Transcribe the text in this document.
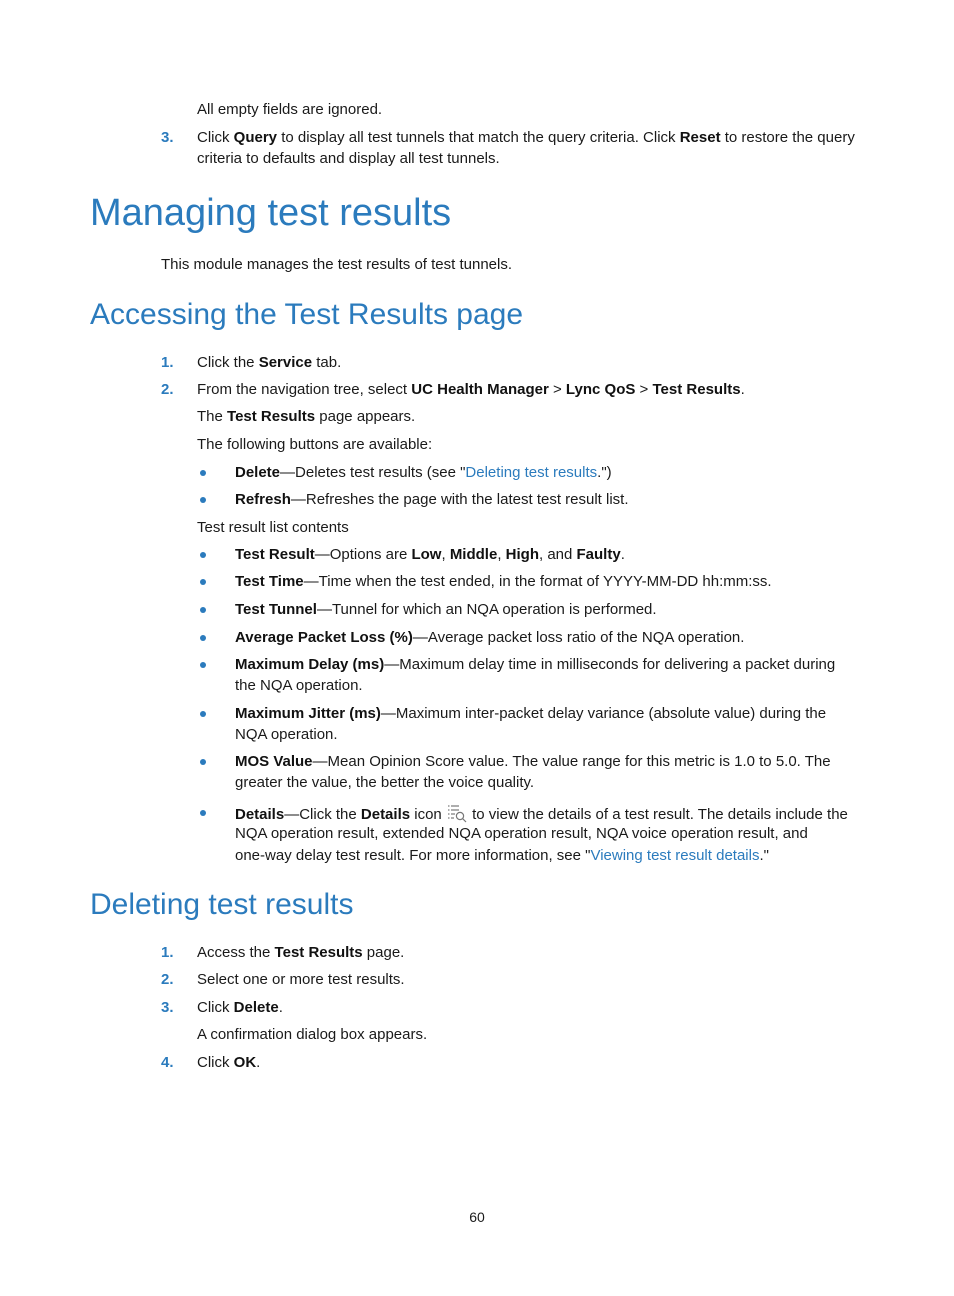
All empty fields are ignored.
3. Click Query to display all test tunnels that match the query criteria. Click Reset to restore the query
criteria to defaults and display all test tunnels.
Managing test results
This module manages the test results of test tunnels.
Accessing the Test Results page
1. Click the Service tab.
2. From the navigation tree, select UC Health Manager > Lync QoS > Test Results.
The Test Results page appears.
The following buttons are available:
Delete—Deletes test results (see "Deleting test results.")
Refresh—Refreshes the page with the latest test result list.
Test result list contents
Test Result—Options are Low, Middle, High, and Faulty.
Test Time—Time when the test ended, in the format of YYYY-MM-DD hh:mm:ss.
Test Tunnel—Tunnel for which an NQA operation is performed.
Average Packet Loss (%)—Average packet loss ratio of the NQA operation.
Maximum Delay (ms)—Maximum delay time in milliseconds for delivering a packet during
the NQA operation.
Maximum Jitter (ms)—Maximum inter-packet delay variance (absolute value) during the
NQA operation.
MOS Value—Mean Opinion Score value. The value range for this metric is 1.0 to 5.0. The
greater the value, the better the voice quality.
Details—Click the Details icon  to view the details of a test result. The details include the
NQA operation result, extended NQA operation result, NQA voice operation result, and
one-way delay test result. For more information, see "Viewing test result details."
Deleting test results
1. Access the Test Results page.
2. Select one or more test results.
3. Click Delete.
A confirmation dialog box appears.
4. Click OK.
60
